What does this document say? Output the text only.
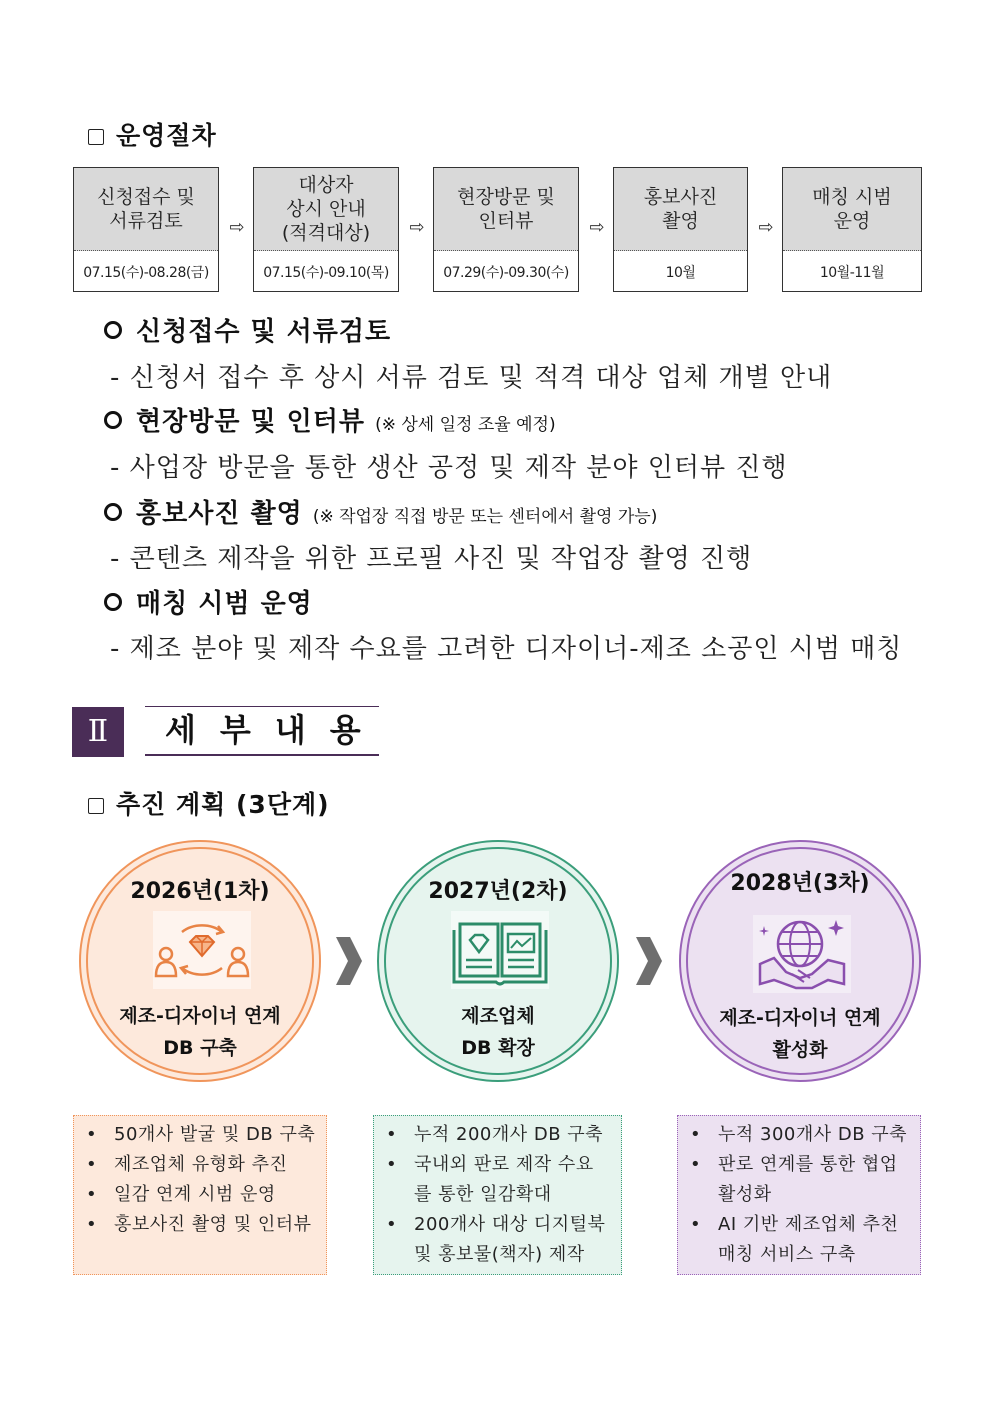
운영절차
신청접수 및
서류검토
07.15(수)-08.28(금)
⇨
대상자
상시 안내
(적격대상)
07.15(수)-09.10(목)
⇨
현장방문 및
인터뷰
07.29(수)-09.30(수)
⇨
홍보사진
촬영
10월
⇨
매칭 시범
운영
10월-11월
신청접수 및 서류검토
- 신청서 접수 후 상시 서류 검토 및 적격 대상 업체 개별 안내
현장방문 및 인터뷰 (※ 상세 일정 조율 예정)
- 사업장 방문을 통한 생산 공정 및 제작 분야 인터뷰 진행
홍보사진 촬영 (※ 작업장 직접 방문 또는 센터에서 촬영 가능)
- 콘텐츠 제작을 위한 프로필 사진 및 작업장 촬영 진행
매칭 시범 운영
- 제조 분야 및 제작 수요를 고려한 디자이너-제조 소공인 시범 매칭
Ⅱ	세부내용
추진 계획 (3단계)
2026년(1차)
제조-디자이너 연계
DB 구축
2027년(2차)
제조업체
DB 확장
2028년(3차)
제조-디자이너 연계
활성화
• 50개사 발굴 및 DB 구축
• 제조업체 유형화 추진
• 일감 연계 시범 운영
• 홍보사진 촬영 및 인터뷰
• 누적 200개사 DB 구축
• 국내외 판로 제작 수요를 통한 일감확대
• 200개사 대상 디지털북 및 홍보물(책자) 제작
• 누적 300개사 DB 구축
• 판로 연계를 통한 협업 활성화
• AI 기반 제조업체 추천 매칭 서비스 구축
